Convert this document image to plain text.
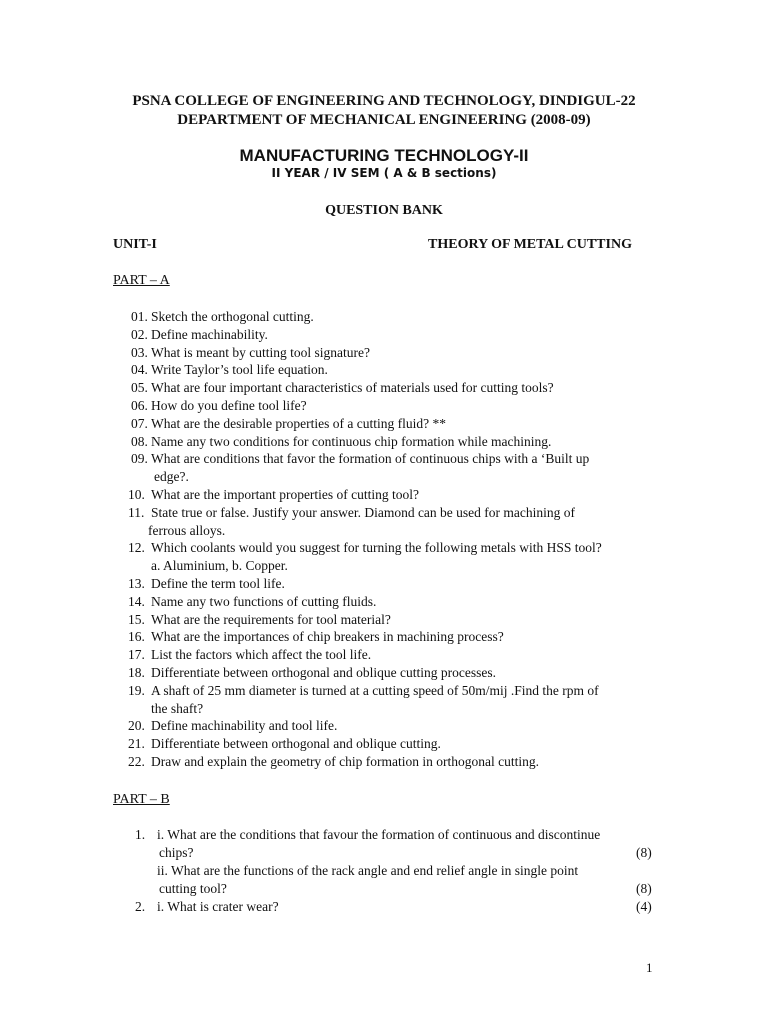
PSNA COLLEGE OF ENGINEERING AND TECHNOLOGY, DINDIGUL-22
DEPARTMENT OF MECHANICAL ENGINEERING (2008-09)
MANUFACTURING TECHNOLOGY-II
II YEAR / IV SEM ( A & B sections)
QUESTION BANK
UNIT-I	THEORY OF METAL CUTTING
PART – A
01. Sketch the orthogonal cutting.
02. Define machinability.
03. What is meant by cutting tool signature?
04. Write Taylor’s tool life equation.
05. What are four important characteristics of materials used for cutting tools?
06. How do you define tool life?
07. What are the desirable properties of a cutting fluid? **
08. Name any two conditions for continuous chip formation while machining.
09. What are conditions that favor the formation of continuous chips with a ‘Built up
edge?.
10. What are the important properties of cutting tool?
11. State true or false. Justify your answer. Diamond can be used for machining of
ferrous alloys.
12. Which coolants would you suggest for turning the following metals with HSS tool?
a. Aluminium, b. Copper.
13. Define the term tool life.
14. Name any two functions of cutting fluids.
15. What are the requirements for tool material?
16. What are the importances of chip breakers in machining process?
17. List the factors which affect the tool life.
18. Differentiate between orthogonal and oblique cutting processes.
19. A shaft of 25 mm diameter is turned at a cutting speed of 50m/mij .Find the rpm of
the shaft?
20. Define machinability and tool life.
21. Differentiate between orthogonal and oblique cutting.
22. Draw and explain the geometry of chip formation in orthogonal cutting.
PART – B
1. i. What are the conditions that favour the formation of continuous and discontinue
chips?	(8)
ii. What are the functions of the rack angle and end relief angle in single point
cutting tool?	(8)
2. i. What is crater wear?	(4)
1
